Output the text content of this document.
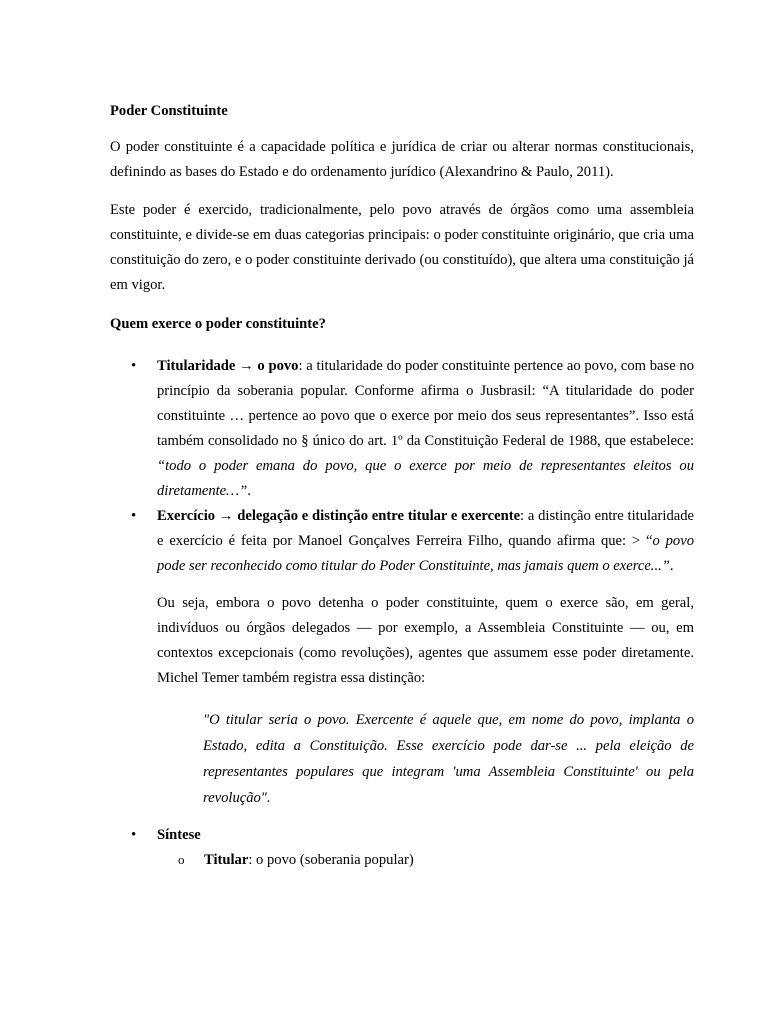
Poder Constituinte

O poder constituinte é a capacidade política e jurídica de criar ou alterar normas constitucionais, definindo as bases do Estado e do ordenamento jurídico (Alexandrino & Paulo, 2011).

Este poder é exercido, tradicionalmente, pelo povo através de órgãos como uma assembleia constituinte, e divide-se em duas categorias principais: o poder constituinte originário, que cria uma constituição do zero, e o poder constituinte derivado (ou constituído), que altera uma constituição já em vigor.

Quem exerce o poder constituinte?

• Titularidade → o povo: a titularidade do poder constituinte pertence ao povo, com base no princípio da soberania popular. Conforme afirma o Jusbrasil: “A titularidade do poder constituinte … pertence ao povo que o exerce por meio dos seus representantes”. Isso está também consolidado no § único do art. 1º da Constituição Federal de 1988, que estabelece: “todo o poder emana do povo, que o exerce por meio de representantes eleitos ou diretamente…”.

• Exercício → delegação e distinção entre titular e exercente: a distinção entre titularidade e exercício é feita por Manoel Gonçalves Ferreira Filho, quando afirma que: > “o povo pode ser reconhecido como titular do Poder Constituinte, mas jamais quem o exerce...”.

Ou seja, embora o povo detenha o poder constituinte, quem o exerce são, em geral, indivíduos ou órgãos delegados — por exemplo, a Assembleia Constituinte — ou, em contextos excepcionais (como revoluções), agentes que assumem esse poder diretamente. Michel Temer também registra essa distinção:

"O titular seria o povo. Exercente é aquele que, em nome do povo, implanta o Estado, edita a Constituição. Esse exercício pode dar-se ... pela eleição de representantes populares que integram 'uma Assembleia Constituinte' ou pela revolução".

• Síntese

o Titular: o povo (soberania popular)
